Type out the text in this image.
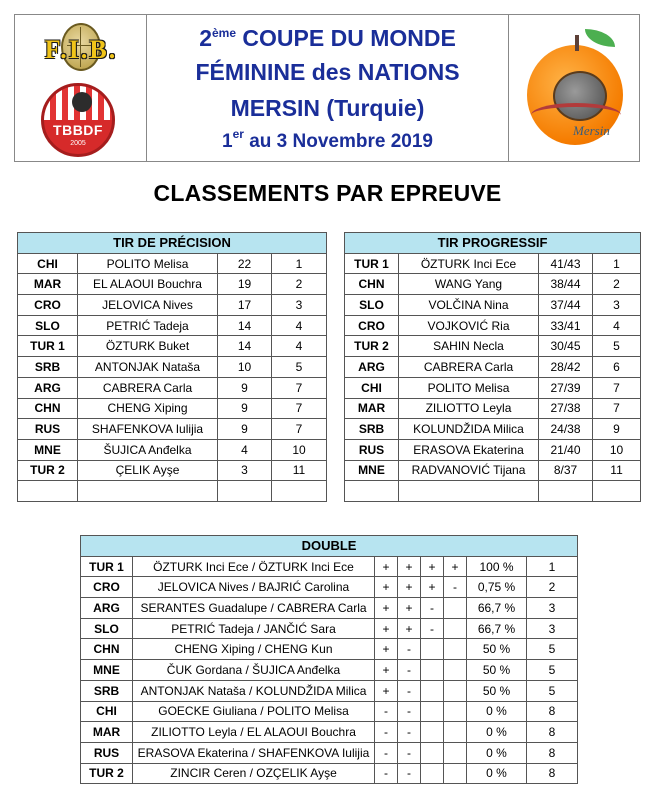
F.I.B.
TBBDF
2005
2ème COUPE DU MONDE
FÉMININE des NATIONS
MERSIN (Turquie)
1er au 3 Novembre 2019
Mersin
CLASSEMENTS PAR EPREUVE
TIR DE PRÉCISION			
CHI	POLITO Melisa	22	1
MAR	EL ALAOUI Bouchra	19	2
CRO	JELOVICA Nives	17	3
SLO	PETRIĆ Tadeja	14	4
TUR 1	ÖZTURK Buket	14	4
SRB	ANTONJAK Nataša	10	5
ARG	CABRERA Carla	9	7
CHN	CHENG Xiping	9	7
RUS	SHAFENKOVA Iulijia	9	7
MNE	ŠUJICA Anđelka	4	10
TUR 2	ÇELIK Ayşe	3	11

TIR PROGRESSIF			
TUR 1	ÖZTURK Inci Ece	41/43	1
CHN	WANG Yang	38/44	2
SLO	VOLČINA Nina	37/44	3
CRO	VOJKOVIĆ Ria	33/41	4
TUR 2	SAHIN Necla	30/45	5
ARG	CABRERA Carla	28/42	6
CHI	POLITO Melisa	27/39	7
MAR	ZILIOTTO Leyla	27/38	7
SRB	KOLUNDŽIDA Milica	24/38	9
RUS	ERASOVA Ekaterina	21/40	10
MNE	RADVANOVIĆ Tijana	8/37	11

DOUBLE							
TUR 1	ÖZTURK Inci Ece / ÖZTURK Inci Ece	+	+	+	+	100 %	1
CRO	JELOVICA Nives / BAJRIĆ Carolina	+	+	+	-	0,75 %	2
ARG	SERANTES Guadalupe / CABRERA Carla	+	+	-		66,7 %	3
SLO	PETRIĆ Tadeja / JANČIĆ Sara	+	+	-		66,7 %	3
CHN	CHENG Xiping / CHENG Kun	+	-			50 %	5
MNE	ČUK Gordana / ŠUJICA Anđelka	+	-			50 %	5
SRB	ANTONJAK Nataša / KOLUNDŽIDA Milica	+	-			50 %	5
CHI	GOECKE Giuliana / POLITO Melisa	-	-			0 %	8
MAR	ZILIOTTO Leyla / EL ALAOUI Bouchra	-	-			0 %	8
RUS	ERASOVA Ekaterina / SHAFENKOVA Iulijia	-	-			0 %	8
TUR 2	ZINCIR Ceren / OZÇELIK Ayşe	-	-			0 %	8
